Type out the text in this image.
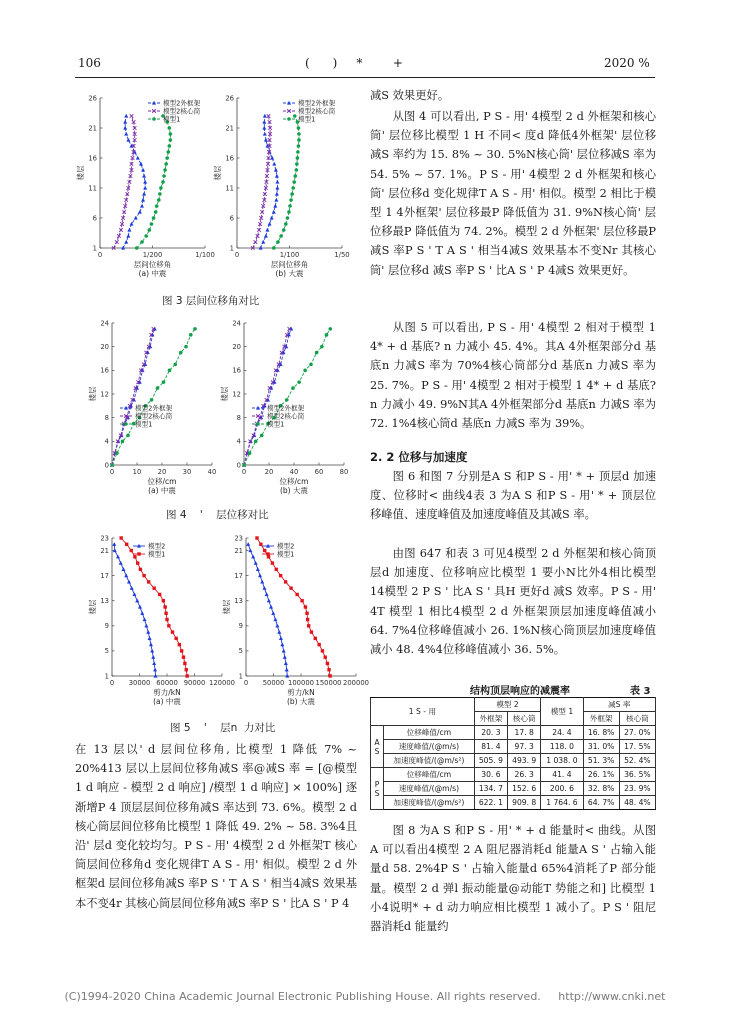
106	(      )     *        +	2020 %
0	1/200	1/100
1
6
11
16
21
26
层间位移角
(a) 中震
楼层
模型2外框架
模型2核心筒
模型1
0	1/100	1/50
1
6
11
16
21
26
层间位移角
(b) 大震
楼层
模型2外框架
模型2核心筒
模型1
图 3 层间位移角对比
0	10 20 30 40
0
4
8
12
16
20
24
位移/cm
(a) 中震
楼层
模型2外框架
模型2核心筒
模型1
0	20 40 60 80
0
4
8
12
16
20
24
位移/cm
(b) 大震
楼层
模型2外框架
模型2核心筒
模型1
图 4    '    层位移对比
0 30000 60000 90000 120000
1
5
9
13
17
21
23
剪力/kN
(a) 中震
楼层
模型2
模型1
0 50000 100000 150000 200000
1
5
9
13
17
21
23
剪力/kN
(b) 大震
楼层
模型2
模型1
图 5    '    层n  力对比

在 13 层以' d 层间位移角, 比模型 1 降低 7% ~ 20%413 层以上层间位移角减S 率@减S 率 = [@模型 1 d 响应 - 模型 2 d 响应] /模型 1 d 响应] × 100%] 逐渐增P 4 顶层层间位移角减S 率达到 73. 6%。模型 2 d 核心筒层间位移角比模型 1 降低 49. 2% ~ 58. 3%4且沿' 层d 变化较均匀。P S - 用' 4模型 2 d 外框架T 核心筒层间位移角d 变化规律T A S - 用' 相似。模型 2 d 外框架d 层间位移角减S 率P S ' T A S ' 相当4减S 效果基本不变4r 其核心筒层间位移角减S 率P S ' 比A S ' P 4

减S 效果更好。

从图 4 可以看出, P S - 用' 4模型 2 d 外框架和核心筒' 层位移比模型 1 H 不同< 度d 降低4外框架' 层位移减S 率约为 15. 8% ~ 30. 5%N核心筒' 层位移减S 率为 54. 5% ~ 57. 1%。P S - 用' 4模型 2 d 外框架和核心筒' 层位移d 变化规律T A S - 用' 相似。模型 2 相比于模型 1 4外框架' 层位移最P 降低值为 31. 9%N核心筒' 层位移最P 降低值为 74. 2%。模型 2 d 外框架' 层位移最P 减S 率P S ' T A S ' 相当4减S 效果基本不变Nr 其核心筒' 层位移d 减S 率P S ' 比A S ' P 4减S 效果更好。

从图 5 可以看出, P S - 用' 4模型 2 相对于模型 1 4* + d 基底? n 力减小 45. 4%。其A 4外框架部分d 基底n 力减S 率为 70%4核心筒部分d 基底n 力减S 率为 25. 7%。P S - 用' 4模型 2 相对于模型 1 4* + d 基底? n 力减小 49. 9%N其A 4外框架部分d 基底n 力减S 率为 72. 1%4核心筒d 基底n 力减S 率为 39%。

2. 2 位移与加速度

图 6 和图 7 分别是A S 和P S - 用' * + 顶层d 加速度、位移时< 曲线4表 3 为A S 和P S - 用' * + 顶层位移峰值、速度峰值及加速度峰值及其减S 率。

由图 647 和表 3 可见4模型 2 d 外框架和核心筒顶层d 加速度、位移响应比模型 1 要小N比外4相比模型 14模型 2 P S ' 比A S ' 具H 更好d 减S 效率。P S - 用' 4T 模型 1 相比4模型 2 d 外框架顶层加速度峰值减小 64. 7%4位移峰值减小 26. 1%N核心筒顶层加速度峰值减小 48. 4%4位移峰值减小 36. 5%。

结构顶层响应的减震率	表 3
1 S - 用		模型 2		模型 1	减S 率	
		外框架	核心筒		外框架	核心筒
A S	位移峰值/cm	20. 3	17. 8	24. 4	16. 8%	27. 0%
	速度峰值/(@m/s)	81. 4	97. 3	118. 0	31. 0%	17. 5%
	加速度峰值/(@m/s²)	505. 9	493. 9	1 038. 0	51. 3%	52. 4%
P S	位移峰值/cm	30. 6	26. 3	41. 4	26. 1%	36. 5%
	速度峰值/(@m/s)	134. 7	152. 6	200. 6	32. 8%	23. 9%
	加速度峰值/(@m/s²)	622. 1	909. 8	1 764. 6	64. 7%	48. 4%

图 8 为A S 和P S - 用' * + d 能量时< 曲线。从图A 可以看出4模型 2 A 阻尼器消耗d 能量A S ' 占输入能量d 58. 2%4P S ' 占输入能量d 65%4消耗了P 部分能量。模型 2 d 弹l 振动能量@动能T 势能之和] 比模型 1 小4说明* + d 动力响应相比模型 1 减小了。P S ' 阻尼器消耗d 能量约

(C)1994-2020 China Academic Journal Electronic Publishing House. All rights reserved.     http://www.cnki.net
